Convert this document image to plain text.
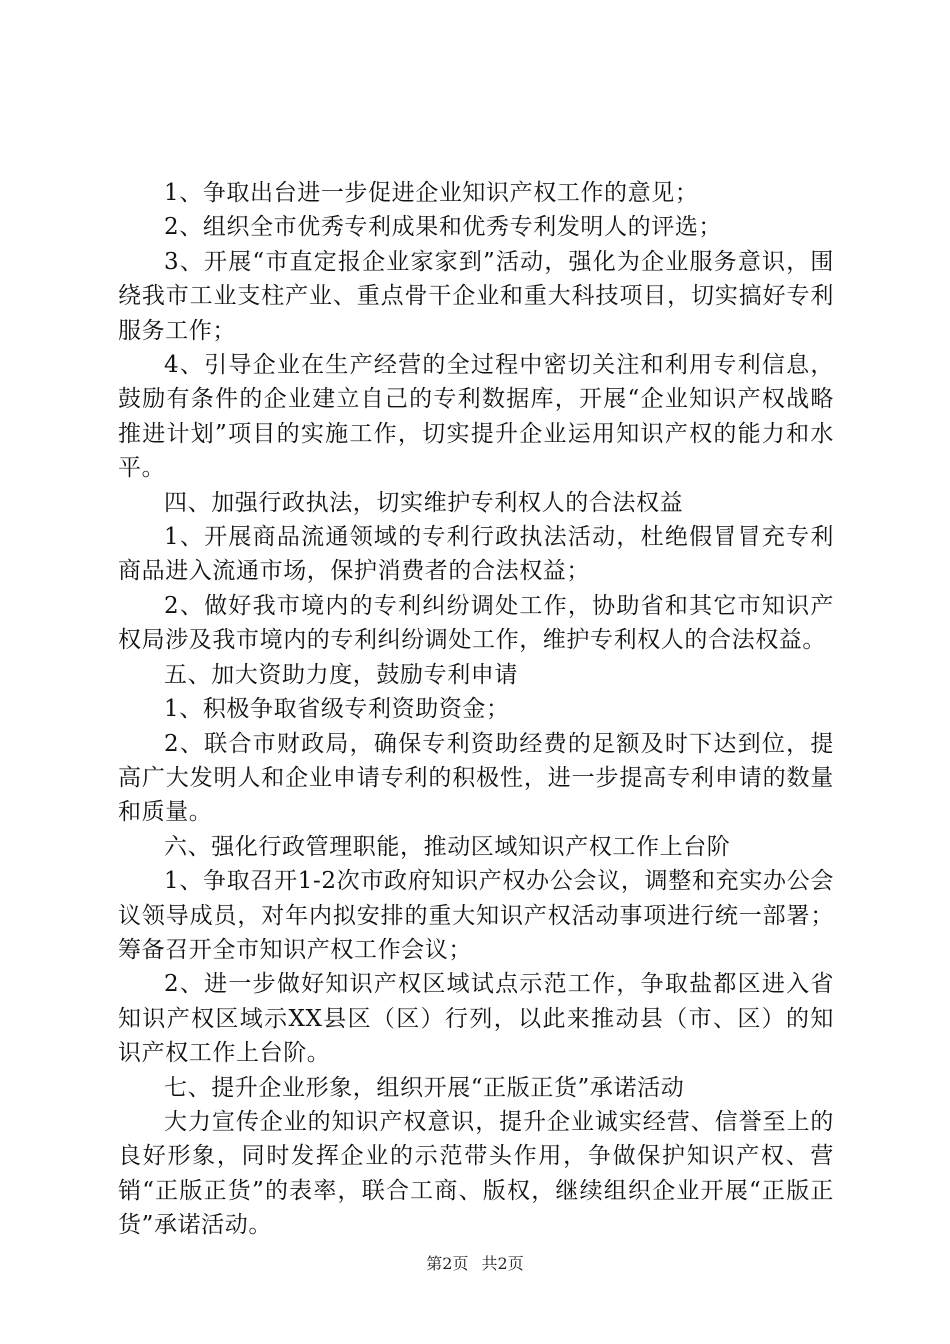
1、争取出台进一步促进企业知识产权工作的意见；

2、组织全市优秀专利成果和优秀专利发明人的评选；

3、开展“市直定报企业家家到”活动，强化为企业服务意识，围绕我市工业支柱产业、重点骨干企业和重大科技项目，切实搞好专利服务工作；

4、引导企业在生产经营的全过程中密切关注和利用专利信息，鼓励有条件的企业建立自己的专利数据库，开展“企业知识产权战略推进计划”项目的实施工作，切实提升企业运用知识产权的能力和水平。

四、加强行政执法，切实维护专利权人的合法权益

1、开展商品流通领域的专利行政执法活动，杜绝假冒冒充专利商品进入流通市场，保护消费者的合法权益；

2、做好我市境内的专利纠纷调处工作，协助省和其它市知识产权局涉及我市境内的专利纠纷调处工作，维护专利权人的合法权益。

五、加大资助力度，鼓励专利申请

1、积极争取省级专利资助资金；

2、联合市财政局，确保专利资助经费的足额及时下达到位，提高广大发明人和企业申请专利的积极性，进一步提高专利申请的数量和质量。

六、强化行政管理职能，推动区域知识产权工作上台阶

1、争取召开1-2次市政府知识产权办公会议，调整和充实办公会议领导成员，对年内拟安排的重大知识产权活动事项进行统一部署；筹备召开全市知识产权工作会议；

2、进一步做好知识产权区域试点示范工作，争取盐都区进入省知识产权区域示XX县区（区）行列，以此来推动县（市、区）的知识产权工作上台阶。

七、提升企业形象，组织开展“正版正货”承诺活动

大力宣传企业的知识产权意识，提升企业诚实经营、信誉至上的良好形象，同时发挥企业的示范带头作用，争做保护知识产权、营销“正版正货”的表率，联合工商、版权，继续组织企业开展“正版正货”承诺活动。

第2页 共2页
